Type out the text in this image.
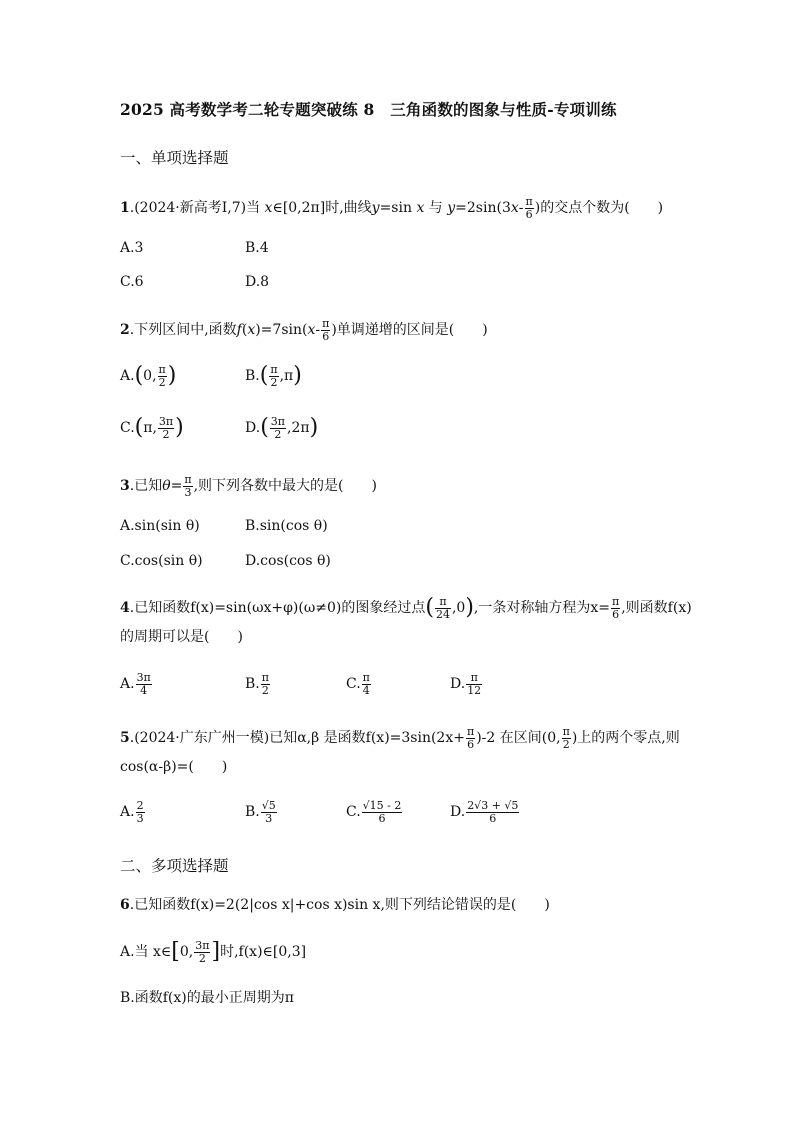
2025 高考数学考二轮专题突破练 8　三角函数的图象与性质-专项训练
一、单项选择题
1.(2024·新高考Ⅰ,7)当 x∈[0,2π]时,曲线y=sin x 与 $y=2\sin(3x- \frac{\pi}{6}$ )的交点个数为(　　)
A.3	B.4
C.6	D.8
2.下列区间中,函数$f(x)=7\sin(x- \frac{\pi}{6}$ )单调递增的区间是(　　)
A.(0, $\frac{\pi}{2}$ )	$B.( \frac{\pi}{2} ,\pi)$
C.(π, $\frac{3\pi}{2}$ )	$D.( \frac{3\pi}{2} ,2\pi)$
3.已知$\theta= \frac{\pi}{3}$ ,则下列各数中最大的是(　　)
A.sin(sin θ)	B.sin(cos θ)
C.cos(sin θ)	D.cos(cos θ)
4.已知函数f(x)=sin(ωx+φ)(ω≠0)的图象经过点( $\frac{\pi}{24} ,0$),一条对称轴方程为$x= \frac{\pi}{6}$ ,则函数f(x)
的周期可以是(　　)
A. $\frac{3\pi}{4}$	B. $\frac{\pi}{2}$	C. $\frac{\pi}{4}$	D. $\frac{\pi}{12}$
5.(2024·广东广州一模)已知α,β 是函数$f(x)=3\sin(2x+ \frac{\pi}{6} )-2$ 在区间(0, $\frac{\pi}{2}$ )上的两个零点,则
cos(α-β)=(　　)
A. $\frac{2}{3}$	B. $\frac{√5}{3}$	C. $\frac{√15 - 2}{6}$	D. $\frac{2√3 + √5}{6}$
二、多项选择题
6.已知函数f(x)=2(2|cos x|+cos x)sin x,则下列结论错误的是(　　)
A.当 x∈[0, $\frac{3\pi}{2}$ ]时,f(x)∈[0,3]
B.函数f(x)的最小正周期为π
